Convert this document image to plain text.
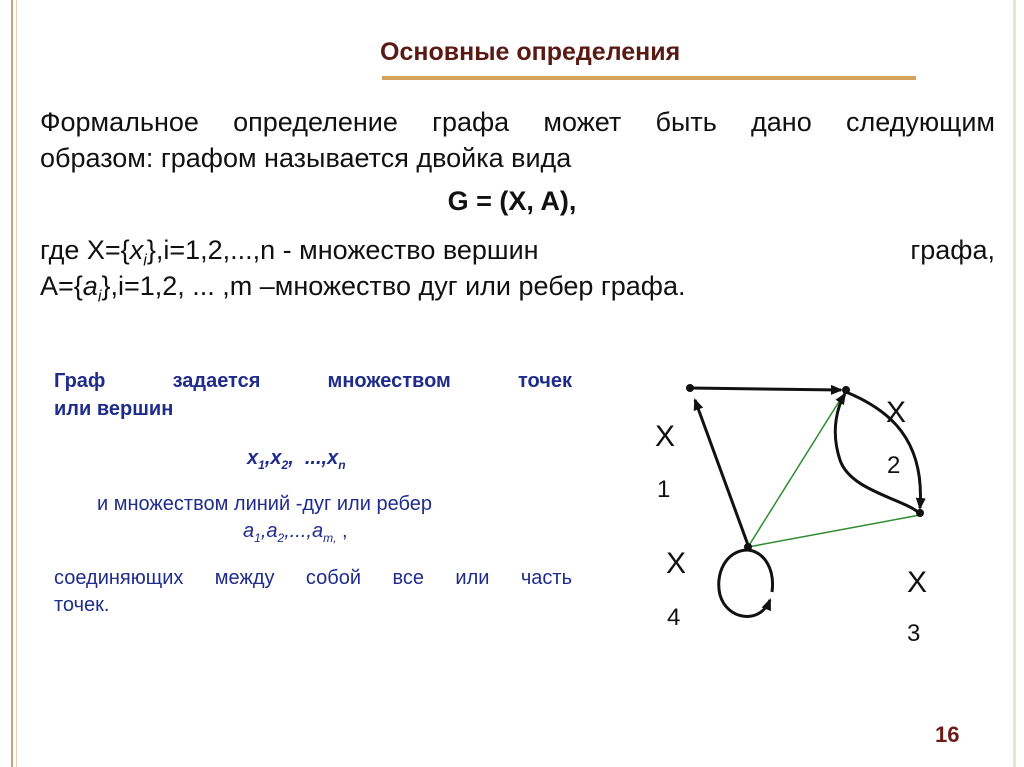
Основные определения
Формальное определение графа может быть дано следующим
образом: графом называется двойка вида
G = (X, A),
где $X=\{x_i\},i=1,2,...,n$ - множество вершин	графа,
$A=\{a_i\},i=1,2$, ... ,m –множество дуг или ребер графа.
Граф задается множеством точек
или вершин
$x_1,x_2$,  $...,x_n$
и множеством линий -дуг или ребер
$a_1,a_2,...,a_{m,}$ ,
соединяющих между собой все или часть
точек.
X
1
X
2
X
3
X
4
16
